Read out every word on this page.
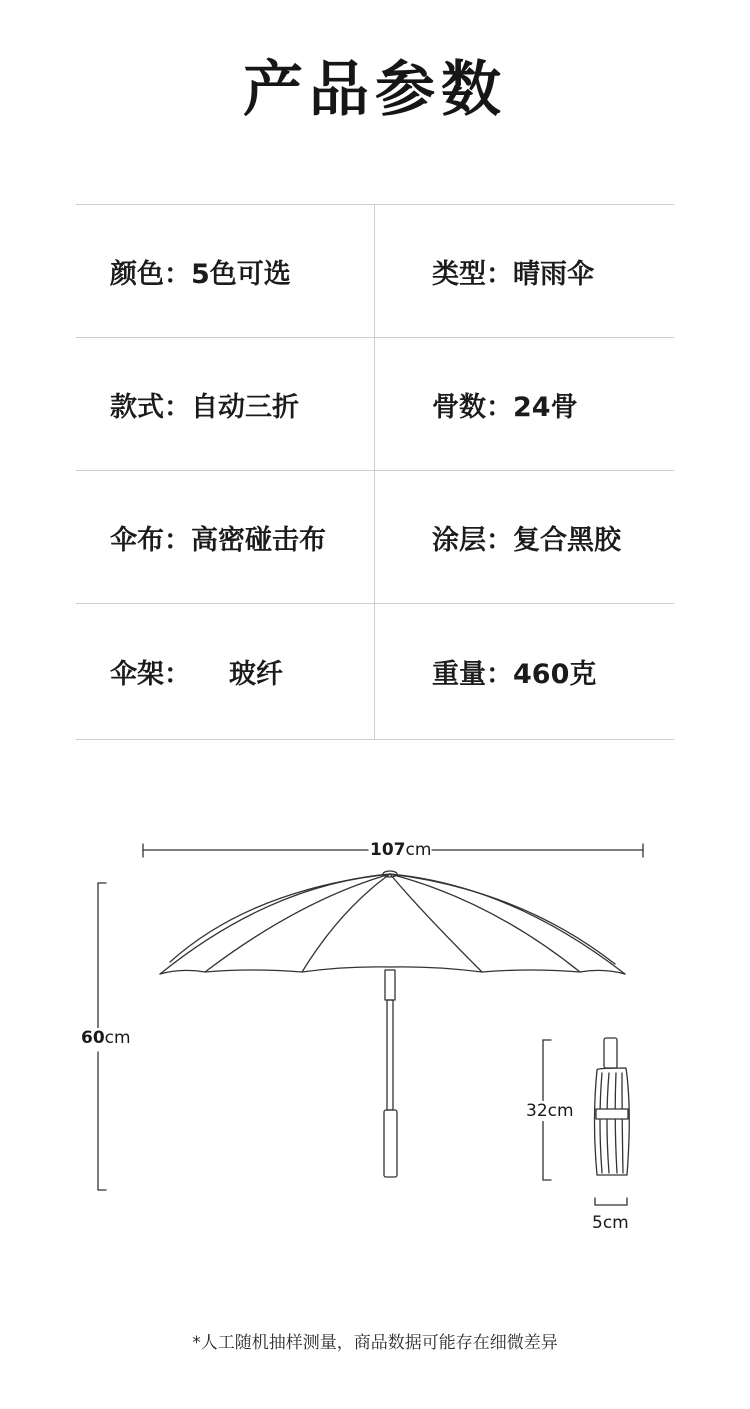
产品参数
颜色： 5色可选	类型： 晴雨伞
款式： 自动三折	骨数： 24骨
伞布： 高密碰击布	涂层： 复合黑胶
伞架： 玻纤	重量： 460克
107cm
60cm
32cm
5cm
*人工随机抽样测量，商品数据可能存在细微差异
